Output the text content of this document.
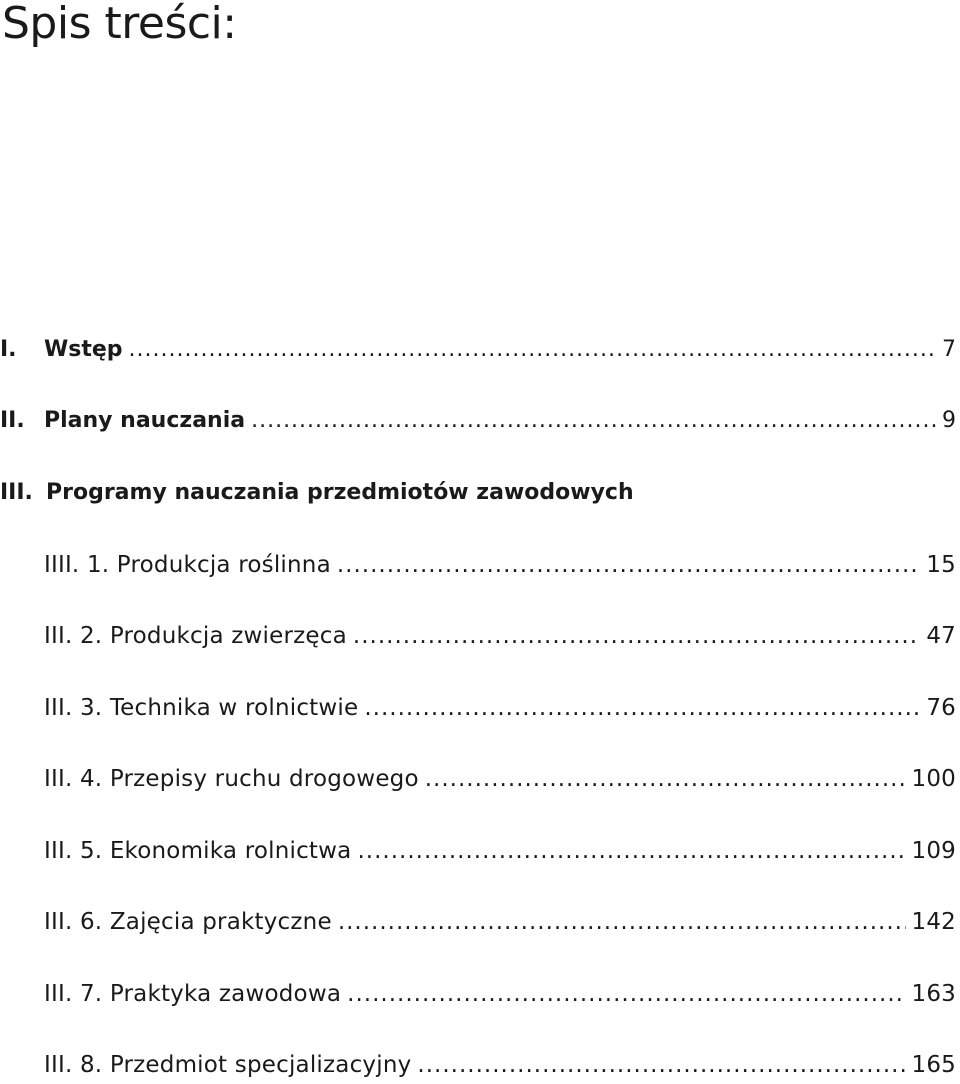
Spis treści:
I.	Wstęp .....	7
II. Plany nauczania .....	9
III. Programy nauczania przedmiotów zawodowych
IIII. 1. Produkcja roślinna .....	15
III. 2. Produkcja zwierzęca .....	47
III. 3. Technika w rolnictwie .....	76
III. 4. Przepisy ruchu drogowego .....	100
III. 5. Ekonomika rolnictwa .....	109
III. 6. Zajęcia praktyczne .....	142
III. 7. Praktyka zawodowa .....	163
III. 8. Przedmiot specjalizacyjny .....	165
